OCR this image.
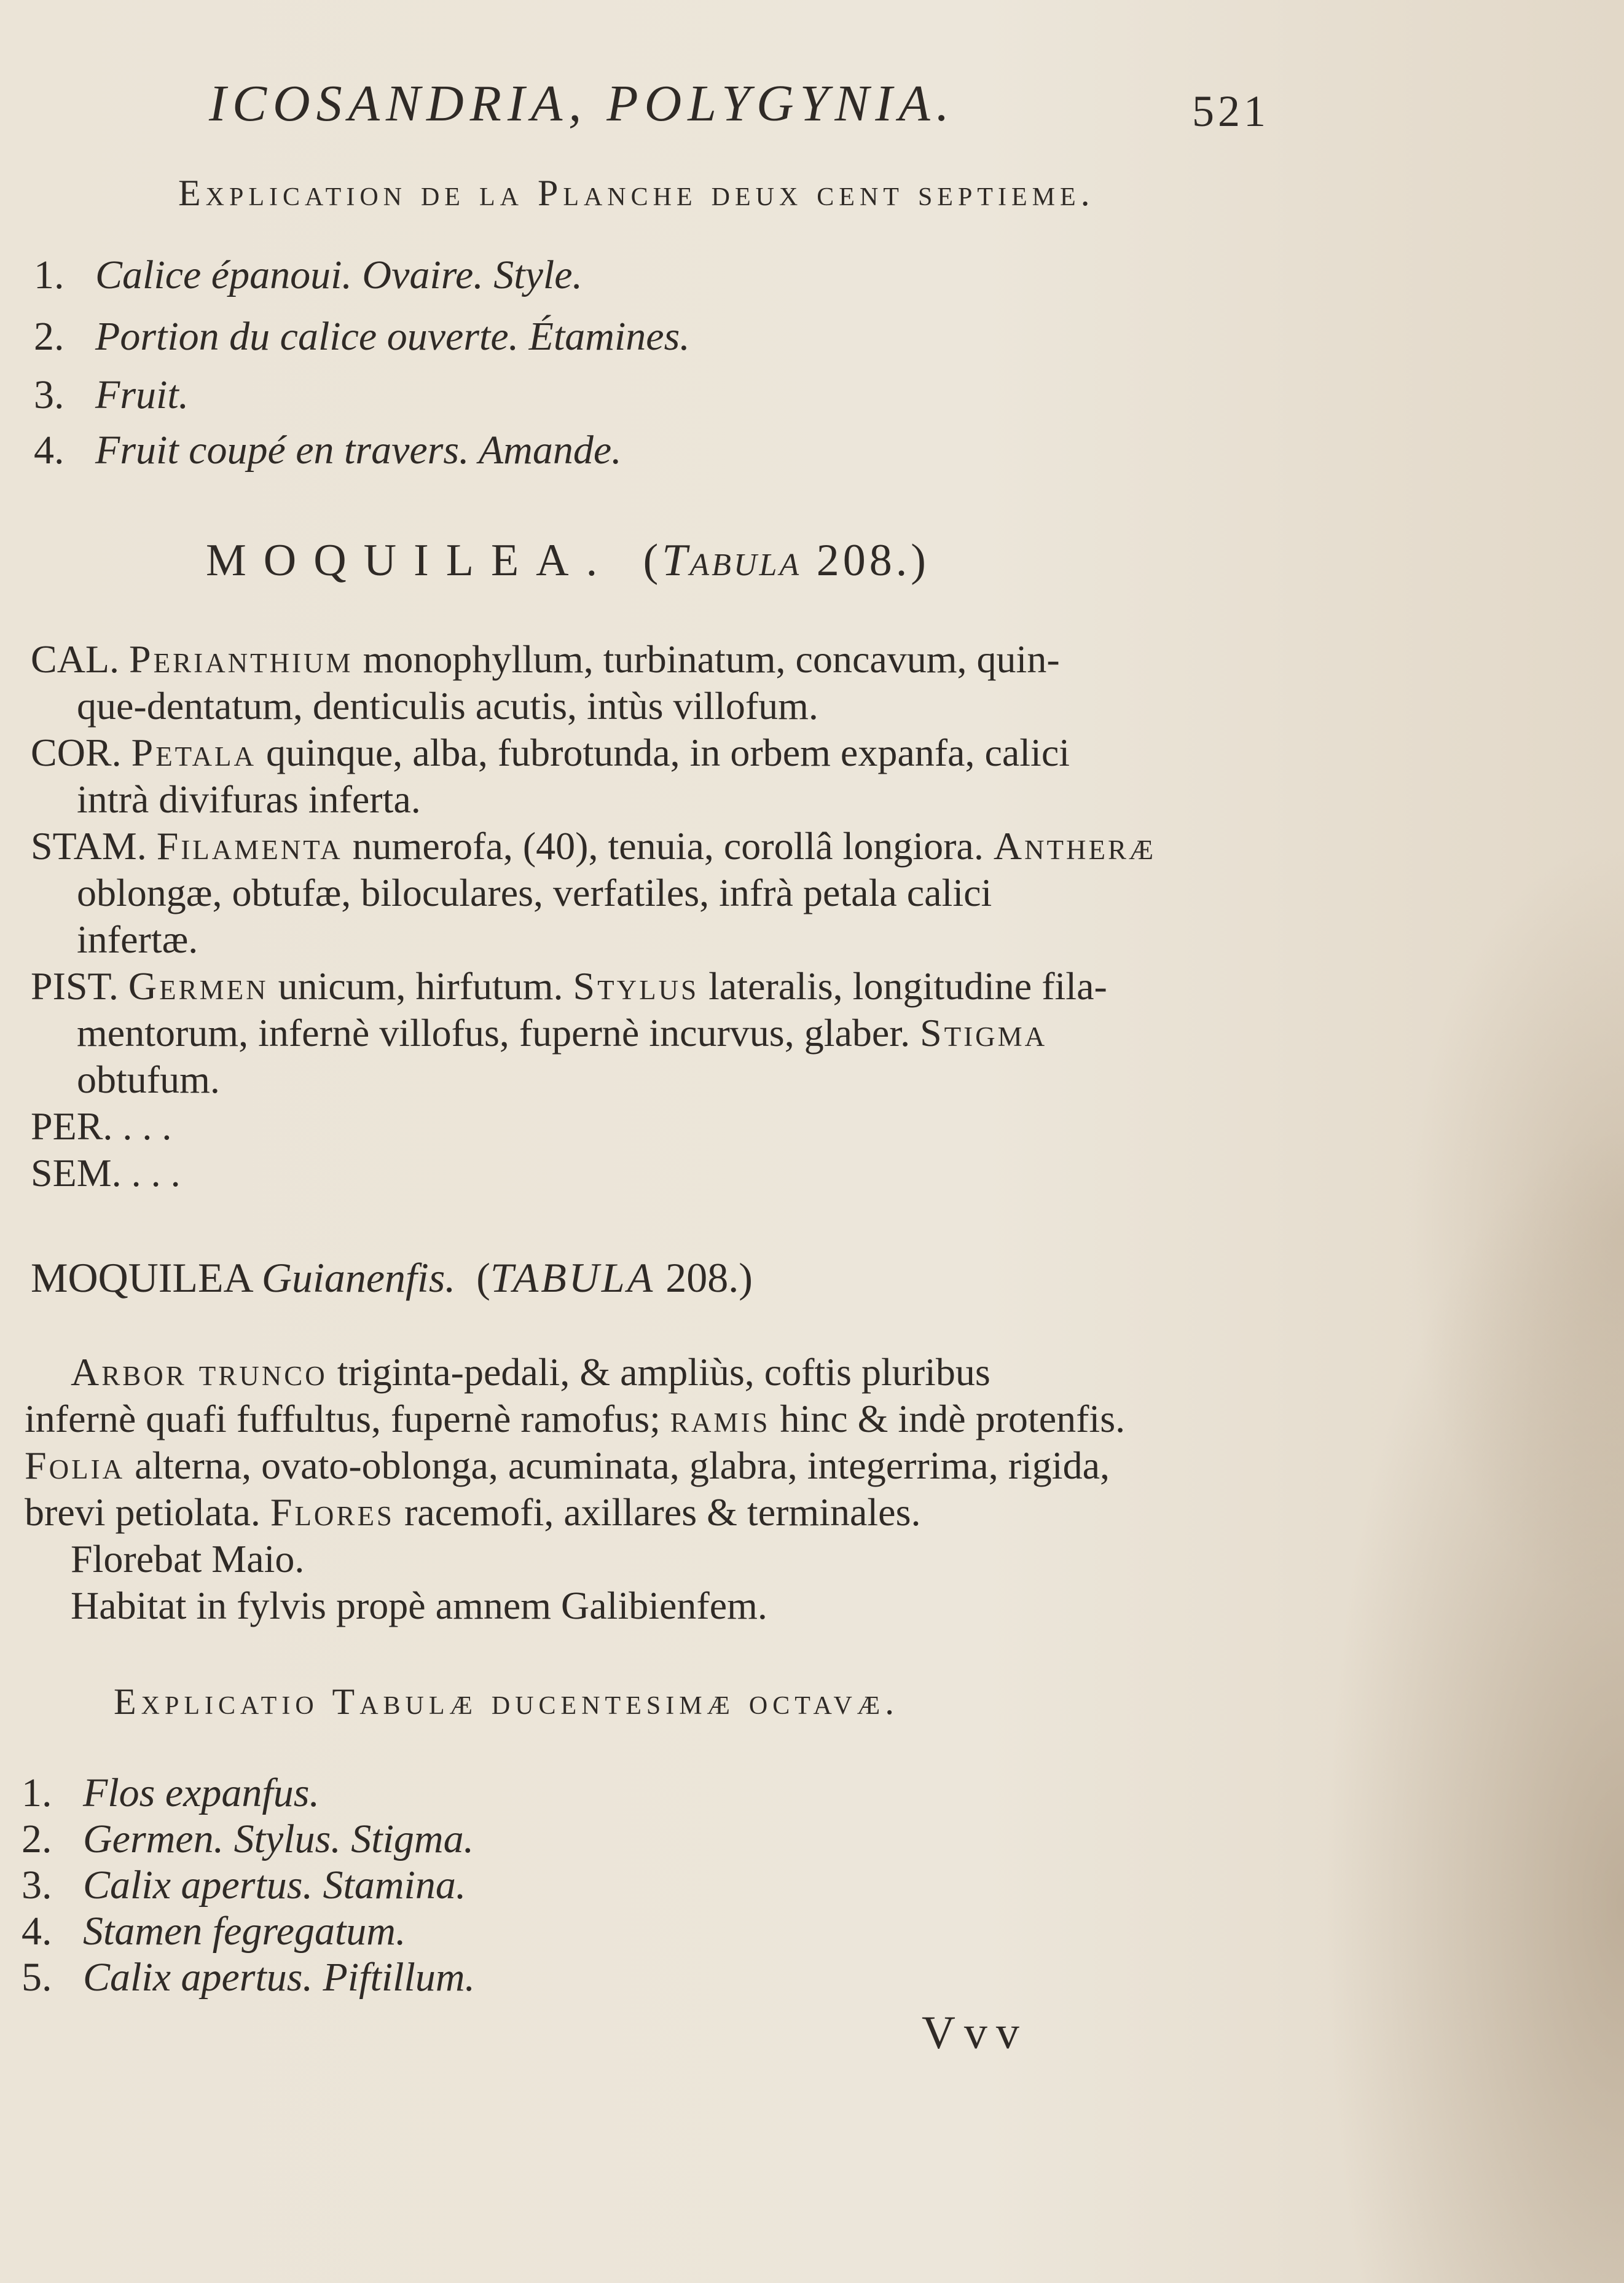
ICOSANDRIA, POLYGYNIA.	521
Explication de la Planche deux cent septieme.
1. Calice épanoui. Ovaire. Style.
2. Portion du calice ouverte. Étamines.
3. Fruit.
4. Fruit coupé en travers. Amande.
MOQUILEA. (Tabula 208.)

CAL. Perianthium monophyllum, turbinatum, concavum, quin-

que-dentatum, denticulis acutis, intùs villofum.

COR. Petala quinque, alba, fubrotunda, in orbem expanfa, calici

intrà divifuras inferta.

STAM. Filamenta numerofa, (40), tenuia, corollâ longiora. Antheræ

oblongæ, obtufæ, biloculares, verfatiles, infrà petala calici

infertæ.

PIST. Germen unicum, hirfutum. Stylus lateralis, longitudine fila-

mentorum, infernè villofus, fupernè incurvus, glaber. Stigma

obtufum.

PER. . . .

SEM. . . .

MOQUILEA Guianenfis. (TABULA 208.)

Arbor trunco triginta-pedali, & ampliùs, coftis pluribus

infernè quafi fuffultus, fupernè ramofus; ramis hinc & indè protenfis.

Folia alterna, ovato-oblonga, acuminata, glabra, integerrima, rigida,

brevi petiolata. Flores racemofi, axillares & terminales.

Florebat Maio.

Habitat in fylvis propè amnem Galibienfem.

Explicatio Tabulæ ducentesimæ octavæ.
1. Flos expanfus.
2. Germen. Stylus. Stigma.
3. Calix apertus. Stamina.
4. Stamen fegregatum.
5. Calix apertus. Piftillum.
Vvv
